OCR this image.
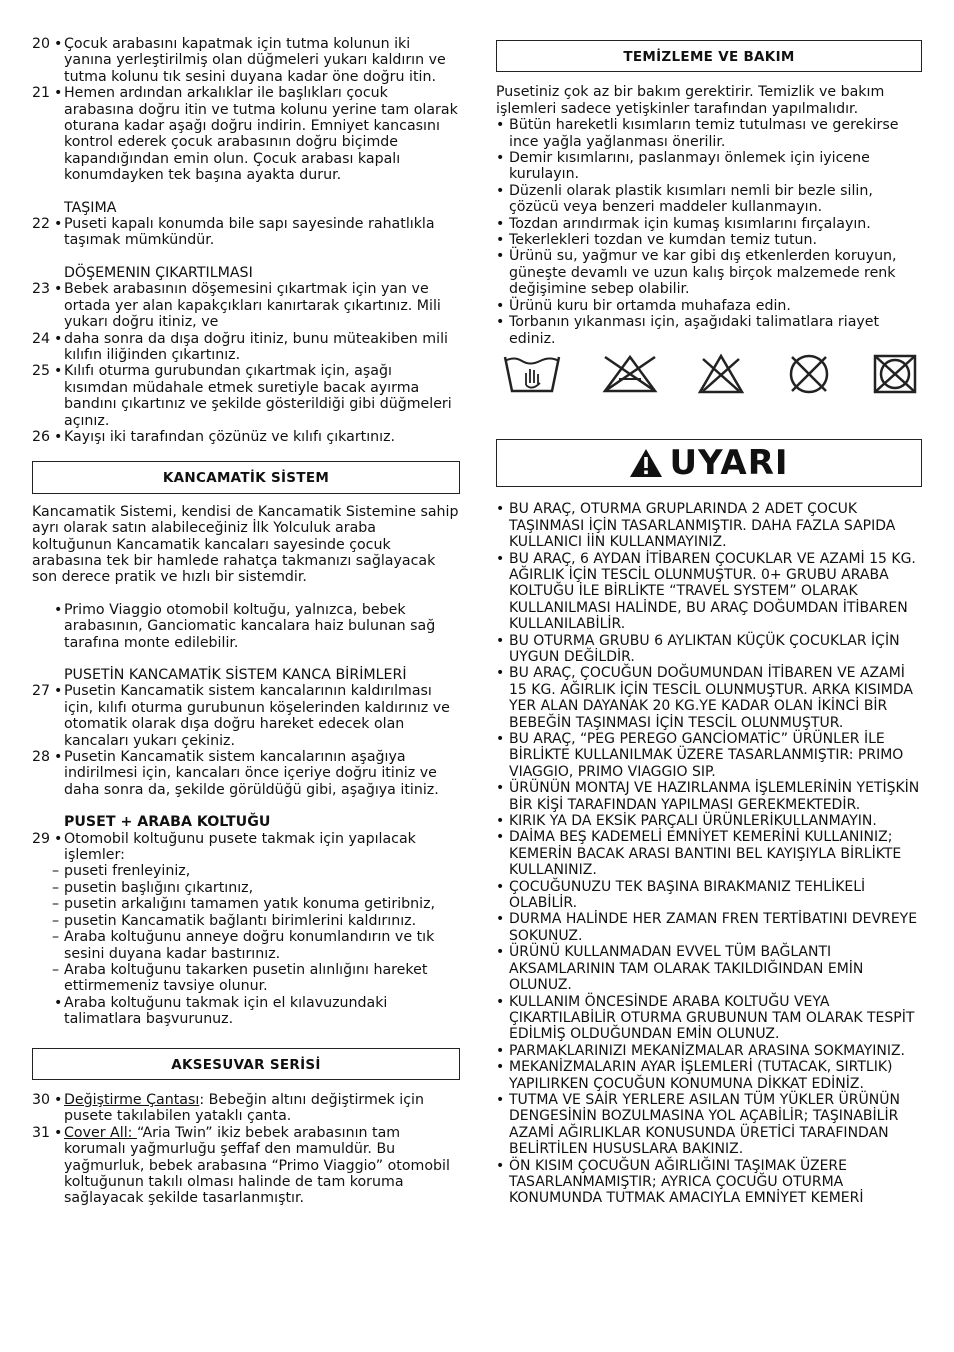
20 • Çocuk arabasını kapatmak için tutma kolunun iki yanına yerleştirilmiş olan düğmeleri yukarı kaldırın ve tutma kolunu tık sesini duyana kadar öne doğru itin.
21 • Hemen ardından arkalıklar ile başlıkları çocuk arabasına doğru itin ve tutma kolunu yerine tam olarak oturana kadar aşağı doğru indirin. Emniyet kancasını kontrol ederek çocuk arabasının doğru biçimde kapandığından emin olun. Çocuk arabası kapalı konumdayken tek başına ayakta durur.
TAŞIMA
22 • Puseti kapalı konumda bile sapı sayesinde rahatlıkla taşımak mümkündür.
DÖŞEMENIN ÇIKARTILMASI
23 • Bebek arabasının döşemesini çıkartmak için yan ve ortada yer alan kapakçıkları kanırtarak çıkartınız. Mili yukarı doğru itiniz, ve
24 • daha sonra da dışa doğru itiniz, bunu müteakiben mili kılıfın iliğinden çıkartınız.
25 • Kılıfı oturma gurubundan çıkartmak için, aşağı kısımdan müdahale etmek suretiyle bacak ayırma bandını çıkartınız ve şekilde gösterildiği gibi düğmeleri açınız.
26 • Kayışı iki tarafından çözünüz ve kılıfı çıkartınız.
KANCAMATİK SİSTEM
Kancamatik Sistemi, kendisi de Kancamatik Sistemine sahip ayrı olarak satın alabileceğiniz İlk Yolculuk araba koltuğunun Kancamatik kancaları sayesinde çocuk arabasına tek bir hamlede rahatça takmanızı sağlayacak son derece pratik ve hızlı bir sistemdir.
• Primo Viaggio otomobil koltuğu, yalnızca, bebek arabasının, Ganciomatic kancalara haiz bulunan sağ tarafına monte edilebilir.
PUSETİN KANCAMATİK SİSTEM KANCA BİRİMLERİ
27 • Pusetin Kancamatik sistem kancalarının kaldırılması için, kılıfı oturma gurubunun köşelerinden kaldırınız ve otomatik olarak dışa doğru hareket edecek olan kancaları yukarı çekiniz.
28 • Pusetin Kancamatik sistem kancalarının aşağıya indirilmesi için, kancaları önce içeriye doğru itiniz ve daha sonra da, şekilde görüldüğü gibi, aşağıya itiniz.
PUSET + ARABA KOLTUĞU
29 • Otomobil koltuğunu pusete takmak için yapılacak işlemler:
– puseti frenleyiniz,
– pusetin başlığını çıkartınız,
– pusetin arkalığını tamamen yatık konuma getiribniz,
– pusetin Kancamatik bağlantı birimlerini kaldırınız.
– Araba koltuğunu anneye doğru konumlandırın ve tık sesini duyana kadar bastırınız.
– Araba koltuğunu takarken pusetin alınlığını hareket ettirmemeniz tavsiye olunur.
• Araba koltuğunu takmak için el kılavuzundaki talimatlara başvurunuz.
AKSESUVAR SERİSİ
30 • Değiştirme Çantası: Bebeğin altını değiştirmek için pusete takılabilen yataklı çanta.
31 • Cover All: “Aria Twin” ikiz bebek arabasının tam korumalı yağmurluğu şeffaf den mamuldür. Bu yağmurluk, bebek arabasına “Primo Viaggio” otomobil koltuğunun takılı olması halinde de tam koruma sağlayacak şekilde tasarlanmıştır.
TEMİZLEME VE BAKIM
Pusetiniz çok az bir bakım gerektirir. Temizlik ve bakım işlemleri sadece yetişkinler tarafından yapılmalıdır.
• Bütün hareketli kısımların temiz tutulması ve gerekirse ince yağla yağlanması önerilir.
• Demir kısımlarını, paslanmayı önlemek için iyicene kurulayın.
• Düzenli olarak plastik kısımları nemli bir bezle silin, çözücü veya benzeri maddeler kullanmayın.
• Tozdan arındırmak için kumaş kısımlarını fırçalayın.
• Tekerlekleri tozdan ve kumdan temiz tutun.
• Ürünü su, yağmur ve kar gibi dış etkenlerden koruyun, güneşte devamlı ve uzun kalış birçok malzemede renk değişimine sebep olabilir.
• Ürünü kuru bir ortamda muhafaza edin.
• Torbanın yıkanması için, aşağıdaki talimatlara riayet ediniz.
UYARI
• BU ARAÇ, OTURMA GRUPLARINDA 2 ADET ÇOCUK TAŞINMASI İÇİN TASARLANMIŞTIR. DAHA FAZLA SAPIDA KULLANICI İİN KULLANMAYINIZ.
• BU ARAÇ, 6 AYDAN İTİBAREN ÇOCUKLAR VE AZAMİ 15 KG. AĞIRLIK İÇİN TESCİL OLUNMUŞTUR. 0+ GRUBU ARABA KOLTUĞU İLE BİRLİKTE “TRAVEL SYSTEM” OLARAK KULLANILMASI HALİNDE, BU ARAÇ DOĞUMDAN İTİBAREN KULLANILABİLİR.
• BU OTURMA GRUBU 6 AYLIKTAN KÜÇÜK ÇOCUKLAR İÇİN UYGUN DEĞİLDİR.
• BU ARAÇ, ÇOCUĞUN DOĞUMUNDAN İTİBAREN VE AZAMİ 15 KG. AĞIRLIK İÇİN TESCİL OLUNMUŞTUR. ARKA KISIMDA YER ALAN DAYANAK 20 KG.YE KADAR OLAN İKİNCİ BİR BEBEĞİN TAŞINMASI İÇİN TESCİL OLUNMUŞTUR.
• BU ARAÇ, “PEG PEREGO GANCİOMATİC” ÜRÜNLER İLE BİRLİKTE KULLANILMAK ÜZERE TASARLANMIŞTIR: PRIMO VIAGGIO, PRIMO VIAGGIO SIP.
• ÜRÜNÜN MONTAJ VE HAZIRLANMA İŞLEMLERİNİN YETİŞKİN BİR KİŞİ TARAFINDAN YAPILMASI GEREKMEKTEDİR.
• KIRIK YA DA EKSİK PARÇALI ÜRÜNLERİKULLANMAYIN.
• DAİMA BEŞ KADEMELİ EMNİYET KEMERİNİ KULLANINIZ; KEMERİN BACAK ARASI BANTINI BEL KAYIŞIYLA BİRLİKTE KULLANINIZ.
• ÇOCUĞUNUZU TEK BAŞINA BIRAKMANIZ TEHLİKELİ OLABİLİR.
• DURMA HALİNDE HER ZAMAN FREN TERTİBATINI DEVREYE SOKUNUZ.
• ÜRÜNÜ KULLANMADAN EVVEL TÜM BAĞLANTI AKSAMLARININ TAM OLARAK TAKILDIĞINDAN EMİN OLUNUZ.
• KULLANIM ÖNCESİNDE ARABA KOLTUĞU VEYA ÇIKARTILABİLİR OTURMA GRUBUNUN TAM OLARAK TESPİT EDİLMİŞ OLDUĞUNDAN EMİN OLUNUZ.
• PARMAKLARINIZI MEKANİZMALAR ARASINA SOKMAYINIZ.
• MEKANİZMALARIN AYAR İŞLEMLERİ (TUTACAK, SIRTLIK) YAPILIRKEN ÇOCUĞUN KONUMUNA DİKKAT EDİNİZ.
• TUTMA VE SAİR YERLERE ASILAN TÜM YÜKLER ÜRÜNÜN DENGESİNİN BOZULMASINA YOL AÇABİLİR; TAŞINABİLİR AZAMİ AĞIRLIKLAR KONUSUNDA ÜRETİCİ TARAFINDAN BELİRTİLEN HUSUSLARA BAKINIZ.
• ÖN KISIM ÇOCUĞUN AĞIRLIĞINI TAŞIMAK ÜZERE TASARLANMAMIŞTIR; AYRICA ÇOCUĞU OTURMA KONUMUNDA TUTMAK AMACIYLA EMNİYET KEMERİ
